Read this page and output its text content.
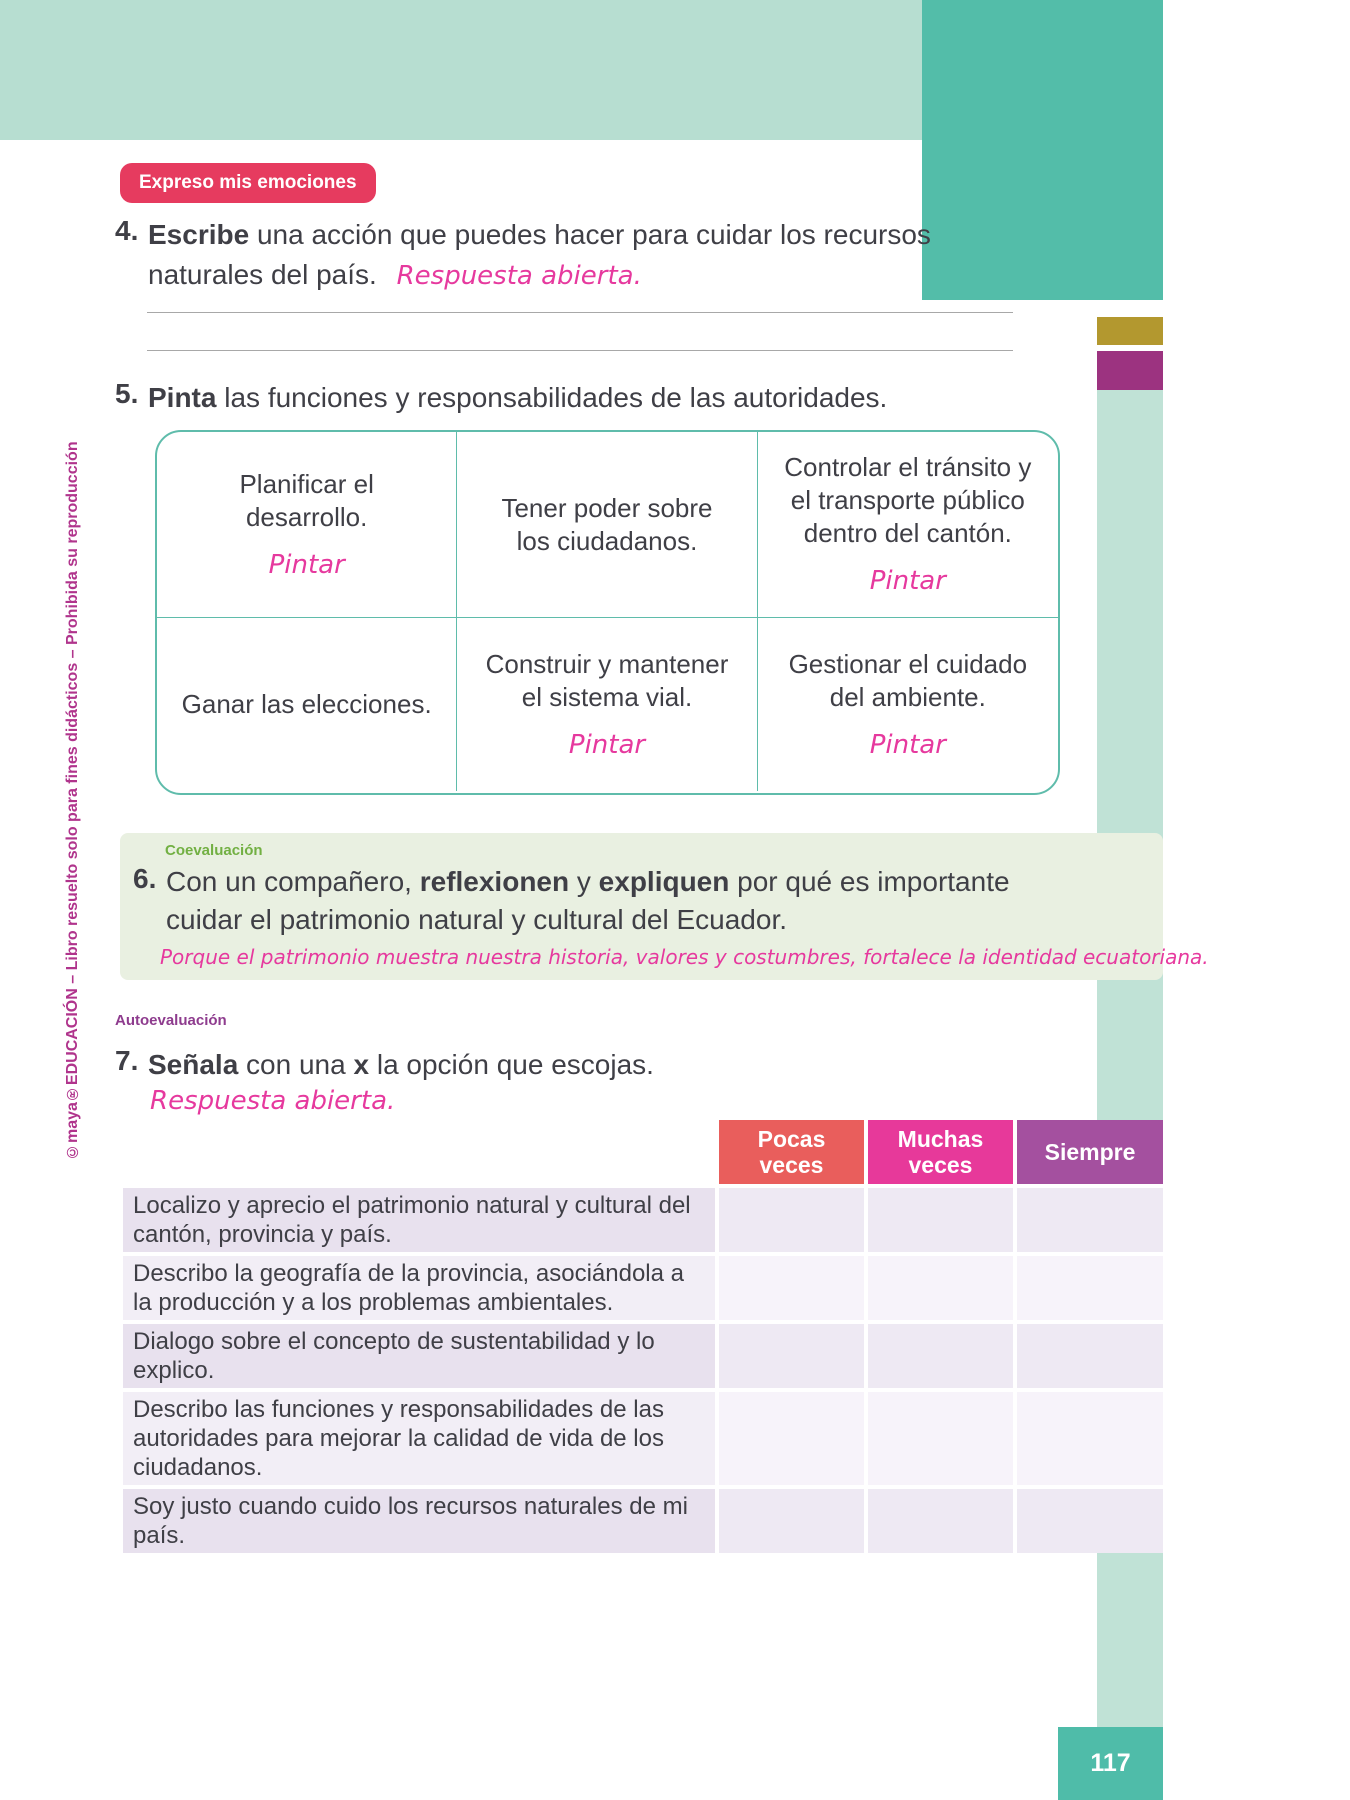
©maya®EDUCACIÓN – Libro resuelto solo para fines didácticos – Prohibida su reproducción
Expreso mis emociones
4. Escribe una acción que puedes hacer para cuidar los recursos naturales del país. Respuesta abierta.

5. Pinta las funciones y responsabilidades de las autoridades.

Planificar el desarrollo.
Pintar
Tener poder sobre los ciudadanos.
Controlar el tránsito y el transporte público dentro del cantón.
Pintar
Ganar las elecciones.
Construir y mantener el sistema vial.
Pintar
Gestionar el cuidado del ambiente.
Pintar
Coevaluación
6. Con un compañero, reflexionen y expliquen por qué es importante cuidar el patrimonio natural y cultural del Ecuador.

Porque el patrimonio muestra nuestra historia, valores y costumbres, fortalece la identidad ecuatoriana.
Autoevaluación
7. Señala con una x la opción que escojas.

Respuesta abierta.
Pocas veces
Muchas veces	Siempre
Localizo y aprecio el patrimonio natural y cultural del cantón, provincia y país.
Describo la geografía de la provincia, asociándola a la producción y a los problemas ambientales.
Dialogo sobre el concepto de sustentabilidad y lo explico.
Describo las funciones y responsabilidades de las autoridades para mejorar la calidad de vida de los ciudadanos.
Soy justo cuando cuido los recursos naturales de mi país.
117
